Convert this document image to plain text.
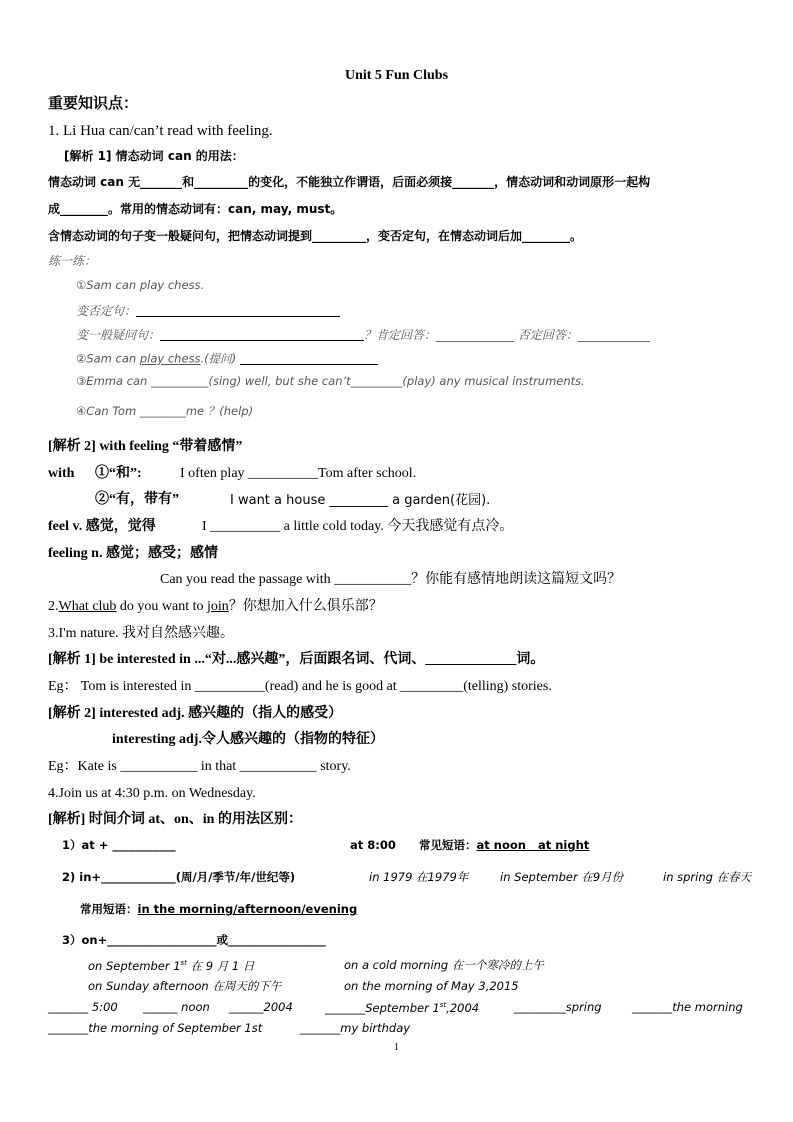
Unit 5 Fun Clubs
重要知识点：
1. Li Hua can/can’t read with feeling.
[解析 1] 情态动词 can 的用法：
情态动词 can 无_______和_________的变化，不能独立作谓语，后面必须接_______，情态动词和动词原形一起构
成________。常用的情态动词有：can, may, must。
含情态动词的句子变一般疑问句，把情态动词提到_________，变否定句，在情态动词后加________。
练一练：
①Sam can play chess.
变否定句：
变一般疑问句：	？肯定回答：_____________ 否定回答：____________
②Sam can play chess.(提问)
③Emma can __________(sing) well, but she can’t_________(play) any musical instruments.
④Can Tom ________me ？(help)
[解析 2] with feeling “带着感情”
with ①“和”:	I often play __________Tom after school.
②“有，带有”	I want a house _________ a garden(花园).
feel v. 感觉，觉得	I __________ a little cold today. 今天我感觉有点冷。
feeling n. 感觉；感受；感情
Can you read the passage with ___________？你能有感情地朗读这篇短文吗？
2.What club do you want to join？你想加入什么俱乐部？
3.I'm nature. 我对自然感兴趣。
[解析 1] be interested in ...“对...感兴趣”，后面跟名词、代词、_____________词。
Eg： Tom is interested in __________(read) and he is good at _________(telling) stories.
[解析 2] interested adj. 感兴趣的（指人的感受）
interesting adj.令人感兴趣的（指物的特征）
Eg：Kate is ___________ in that ___________ story.
4.Join us at 4:30 p.m. on Wednesday.
[解析] 时间介词 at、on、in 的用法区别：
1）at + ___________	at 8:00 常见短语：at noon at night
2) in+_____________(周/月/季节/年/世纪等)	in 1979 在1979年	in September 在9月份	in spring 在春天
常用短语：in the morning/afternoon/evening
3）on+___________________或_________________
on September 1st 在 9 月 1 日	on a cold morning 在一个寒冷的上午
on Sunday afternoon 在周天的下午	on the morning of May 3,2015
_______ 5:00 ______ noon ______2004	_______September 1st,2004	_________spring	_______the morning
_______the morning of September 1st	_______my birthday
1
